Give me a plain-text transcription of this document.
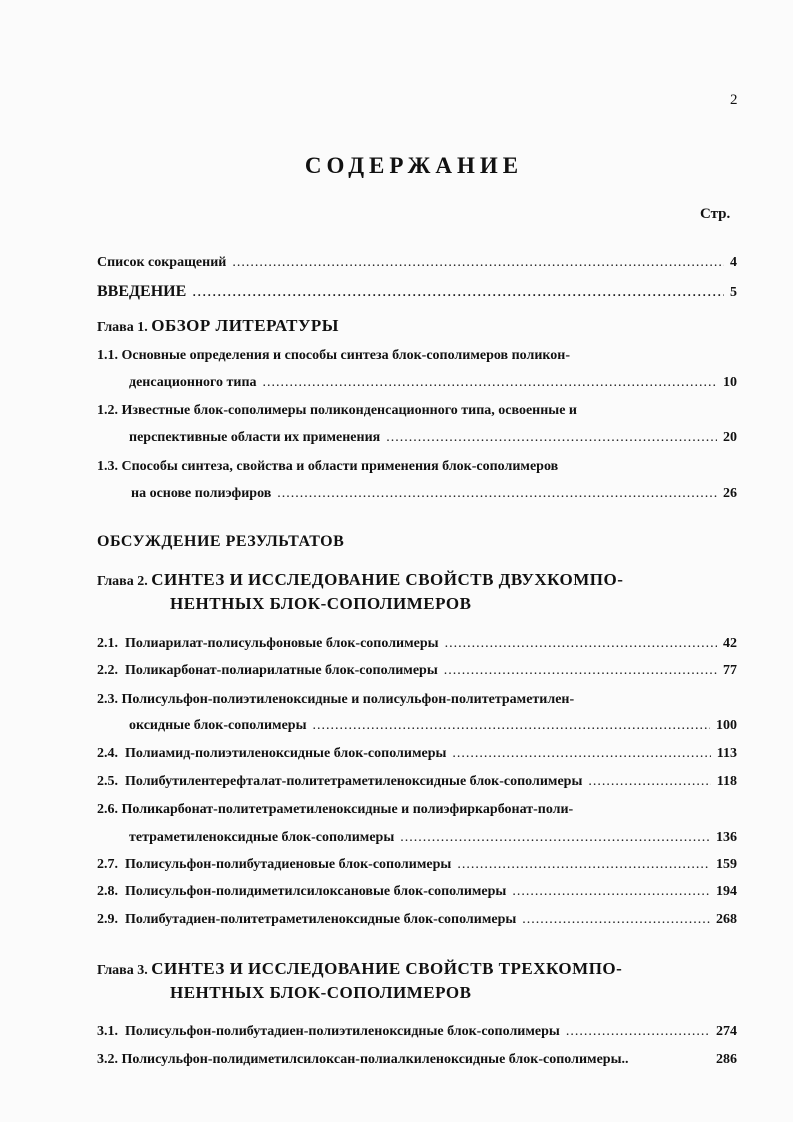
2
СОДЕРЖАНИЕ
Стр.
Список сокращений .....	4
ВВЕДЕНИЕ .....	5
Глава 1. ОБЗОР ЛИТЕРАТУРЫ
1.1. Основные определения и способы синтеза блок-сополимеров поликон-
денсационного типа .....	10
1.2. Известные блок-сополимеры поликонденсационного типа, освоенные и
перспективные области их применения .....	20
1.3. Способы синтеза, свойства и области применения блок-сополимеров
на основе полиэфиров .....	26
ОБСУЖДЕНИЕ РЕЗУЛЬТАТОВ
Глава 2. СИНТЕЗ И ИССЛЕДОВАНИЕ СВОЙСТВ ДВУХКОМПО-
НЕНТНЫХ БЛОК-СОПОЛИМЕРОВ
2.1. Полиарилат-полисульфоновые блок-сополимеры .....	42
2.2. Поликарбонат-полиарилатные блок-сополимеры .....	77
2.3. Полисульфон-полиэтиленоксидные и полисульфон-политетраметилен-
оксидные блок-сополимеры .....	100
2.4. Полиамид-полиэтиленоксидные блок-сополимеры .....	113
2.5. Полибутилентерефталат-политетраметиленоксидные блок-сополимеры .....	118
2.6. Поликарбонат-политетраметиленоксидные и полиэфиркарбонат-поли-
тетраметиленоксидные блок-сополимеры .....	136
2.7. Полисульфон-полибутадиеновые блок-сополимеры .....	159
2.8. Полисульфон-полидиметилсилоксановые блок-сополимеры .....	194
2.9. Полибутадиен-политетраметиленоксидные блок-сополимеры .....	268
Глава 3. СИНТЕЗ И ИССЛЕДОВАНИЕ СВОЙСТВ ТРЕХКОМПО-
НЕНТНЫХ БЛОК-СОПОЛИМЕРОВ
3.1. Полисульфон-полибутадиен-полиэтиленоксидные блок-сополимеры .....	274
3.2. Полисульфон-полидиметилсилоксан-полиалкиленоксидные блок-сополимеры..	286
